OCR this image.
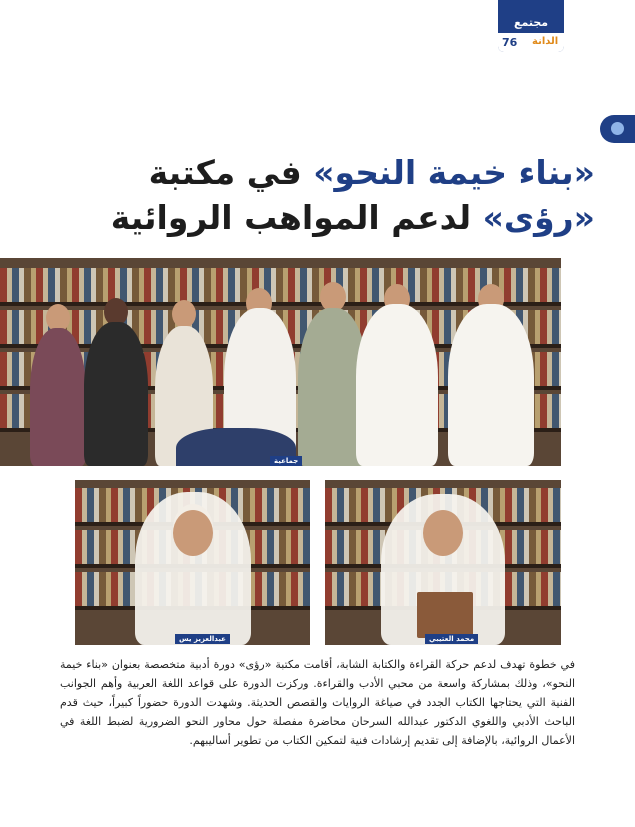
مجتمع
الدانة
76
«بناء خيمة النحو» في مكتبة
«رؤى» لدعم المواهب الروائية
جماعية
عبدالعزيز يس	محمد العتيبي
في خطوة تهدف لدعم حركة القراءة والكتابة الشابة، أقامت مكتبة «رؤى» دورة أدبية متخصصة بعنوان «بناء خيمة النحو»، وذلك بمشاركة واسعة من محبي الأدب والقراءة. وركزت الدورة على قواعد اللغة العربية وأهم الجوانب الفنية التي يحتاجها الكتاب الجدد في صياغة الروايات والقصص الحديثة. وشهدت الدورة حضوراً كبيراً، حيث قدم الباحث الأدبي واللغوي الدكتور عبدالله السرحان محاضرة مفصلة حول محاور النحو الضرورية لضبط اللغة في الأعمال الروائية، بالإضافة إلى تقديم إرشادات فنية لتمكين الكتاب من تطوير أساليبهم.
